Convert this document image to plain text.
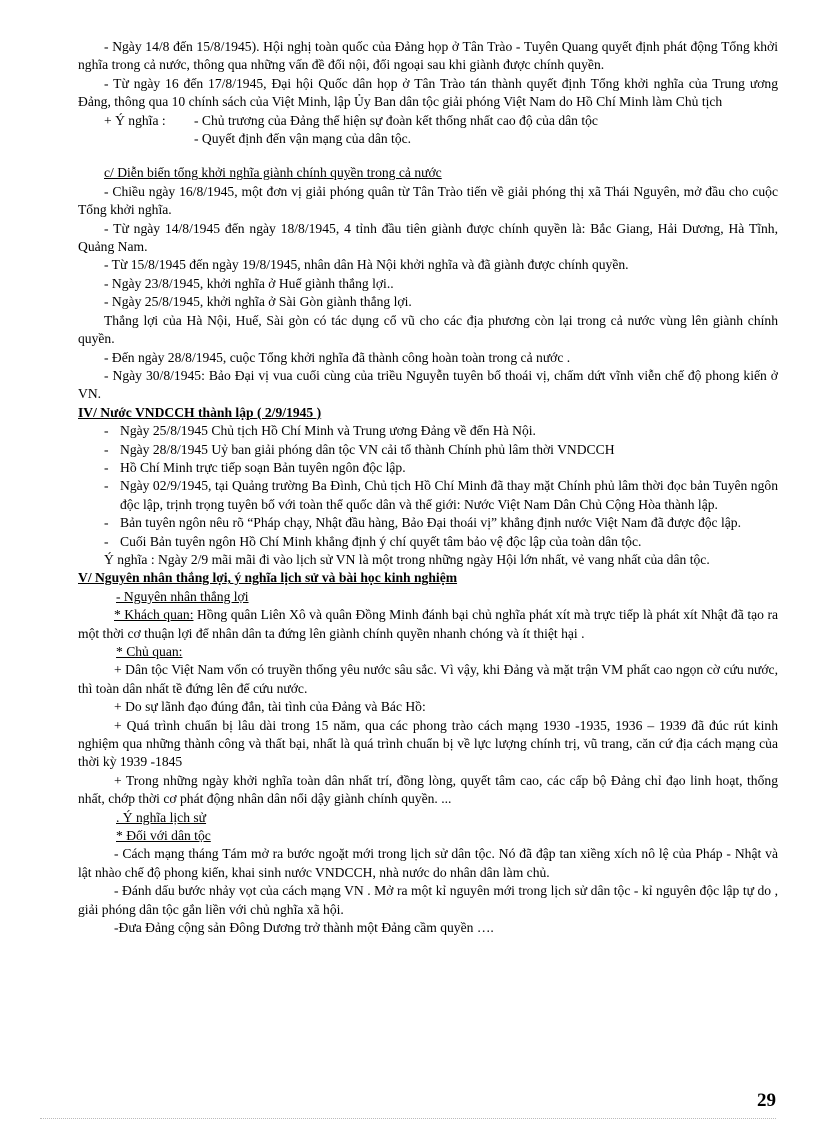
- Ngày 14/8 đến 15/8/1945). Hội nghị toàn quốc của Đảng họp ở Tân Trào - Tuyên Quang quyết định phát động Tổng khởi nghĩa trong cả nước, thông qua những vấn đề đối nội, đối ngoại sau khi giành được chính quyền.

- Từ ngày 16 đến 17/8/1945, Đại hội Quốc dân họp ở Tân Trào tán thành quyết định Tổng khởi nghĩa của Trung ương Đảng, thông qua 10 chính sách của Việt Minh, lập Ủy Ban dân tộc giải phóng Việt Nam do Hồ Chí Minh làm Chủ tịch

+ Ý nghĩa :	- Chủ trương của Đảng thể hiện sự đoàn kết thống nhất cao độ của dân tộc

- Quyết định đến vận mạng của dân tộc.

c/ Diễn biến tổng khởi nghĩa giành chính quyền trong cả nước

- Chiều ngày 16/8/1945, một đơn vị giải phóng quân từ Tân Trào tiến về giải phóng thị xã Thái Nguyên, mở đầu cho cuộc Tổng khởi nghĩa.

- Từ ngày 14/8/1945 đến ngày 18/8/1945, 4 tỉnh đầu tiên giành được chính quyền là: Bắc Giang, Hải Dương, Hà Tĩnh, Quảng Nam.

- Từ 15/8/1945 đến ngày 19/8/1945, nhân dân Hà Nội khởi nghĩa và đã giành được chính quyền.

- Ngày 23/8/1945, khởi nghĩa ở Huế giành thắng lợi..

- Ngày 25/8/1945, khởi nghĩa ở Sài Gòn giành thắng lợi.

Thắng lợi của Hà Nội, Huế, Sài gòn có tác dụng cổ vũ cho các địa phương còn lại trong cả nước vùng lên giành chính quyền.

- Đến ngày 28/8/1945, cuộc Tổng khởi nghĩa đã thành công hoàn toàn trong cả nước .

- Ngày 30/8/1945: Bảo Đại vị vua cuối cùng của triều Nguyễn tuyên bố thoái vị, chấm dứt vĩnh viễn chế độ phong kiến ở VN.

IV/ Nước VNDCCH thành lập ( 2/9/1945 )

- Ngày 25/8/1945 Chủ tịch Hồ Chí Minh và Trung ương Đảng về đến Hà Nội.
- Ngày 28/8/1945 Uỷ ban giải phóng dân tộc VN cải tổ thành Chính phủ lâm thời VNDCCH
- Hồ Chí Minh trực tiếp soạn Bản tuyên ngôn độc lập.
- Ngày 02/9/1945, tại Quảng trường Ba Đình, Chủ tịch Hồ Chí Minh đã thay mặt Chính phủ lâm thời đọc bản Tuyên ngôn độc lập, trịnh trọng tuyên bố với toàn thể quốc dân và thế giới: Nước Việt Nam Dân Chủ Cộng Hòa thành lập.
- Bản tuyên ngôn nêu rõ “Pháp chạy, Nhật đầu hàng, Bảo Đại thoái vị” khẳng định nước Việt Nam đã được độc lập.
- Cuối Bản tuyên ngôn Hồ Chí Minh khẳng định ý chí quyết tâm bảo vệ độc lập của toàn dân tộc.

Ý nghĩa : Ngày 2/9 mãi mãi đi vào lịch sử VN là một trong những ngày Hội lớn nhất, vẻ vang nhất của dân tộc.

V/ Nguyên nhân thắng lợi, ý nghĩa lịch sử và bài học kinh nghiệm

- Nguyên nhân thắng lợi

* Khách quan: Hồng quân Liên Xô và quân Đồng Minh đánh bại chủ nghĩa phát xít mà trực tiếp là phát xít Nhật đã tạo ra một thời cơ thuận lợi để nhân dân ta đứng lên giành chính quyền nhanh chóng và ít thiệt hại .

* Chủ quan:

+ Dân tộc Việt Nam vốn có truyền thống yêu nước sâu sắc. Vì vậy, khi Đảng và mặt trận VM phất cao ngọn cờ cứu nước, thì toàn dân nhất tề đứng lên để cứu nước.

+ Do sự lãnh đạo đúng đắn, tài tình của Đảng và Bác Hồ:

+ Quá trình chuẩn bị lâu dài trong 15 năm, qua các phong trào cách mạng 1930 -1935, 1936 – 1939 đã đúc rút kinh nghiệm qua những thành công và thất bại, nhất là quá trình chuẩn bị về lực lượng chính trị, vũ trang, căn cứ địa cách mạng của thời kỳ 1939 -1845

+ Trong những ngày khởi nghĩa toàn dân nhất trí, đồng lòng, quyết tâm cao, các cấp bộ Đảng chỉ đạo linh hoạt, thống nhất, chớp thời cơ phát động nhân dân nổi dậy giành chính quyền. ...

. Ý nghĩa lịch sử

* Đối với dân tộc

- Cách mạng tháng Tám mở ra bước ngoặt mới trong lịch sử dân tộc. Nó đã đập tan xiềng xích nô lệ của Pháp - Nhật và lật nhào chế độ phong kiến, khai sinh nước VNDCCH, nhà nước do nhân dân làm chủ.

- Đánh dấu bước nhảy vọt của cách mạng VN . Mở ra một kỉ nguyên mới trong lịch sử dân tộc - kỉ nguyên độc lập tự do , giải phóng dân tộc gắn liền với chủ nghĩa xã hội.

-Đưa Đảng cộng sản Đông Dương trở thành một Đảng cầm quyền ….

29
